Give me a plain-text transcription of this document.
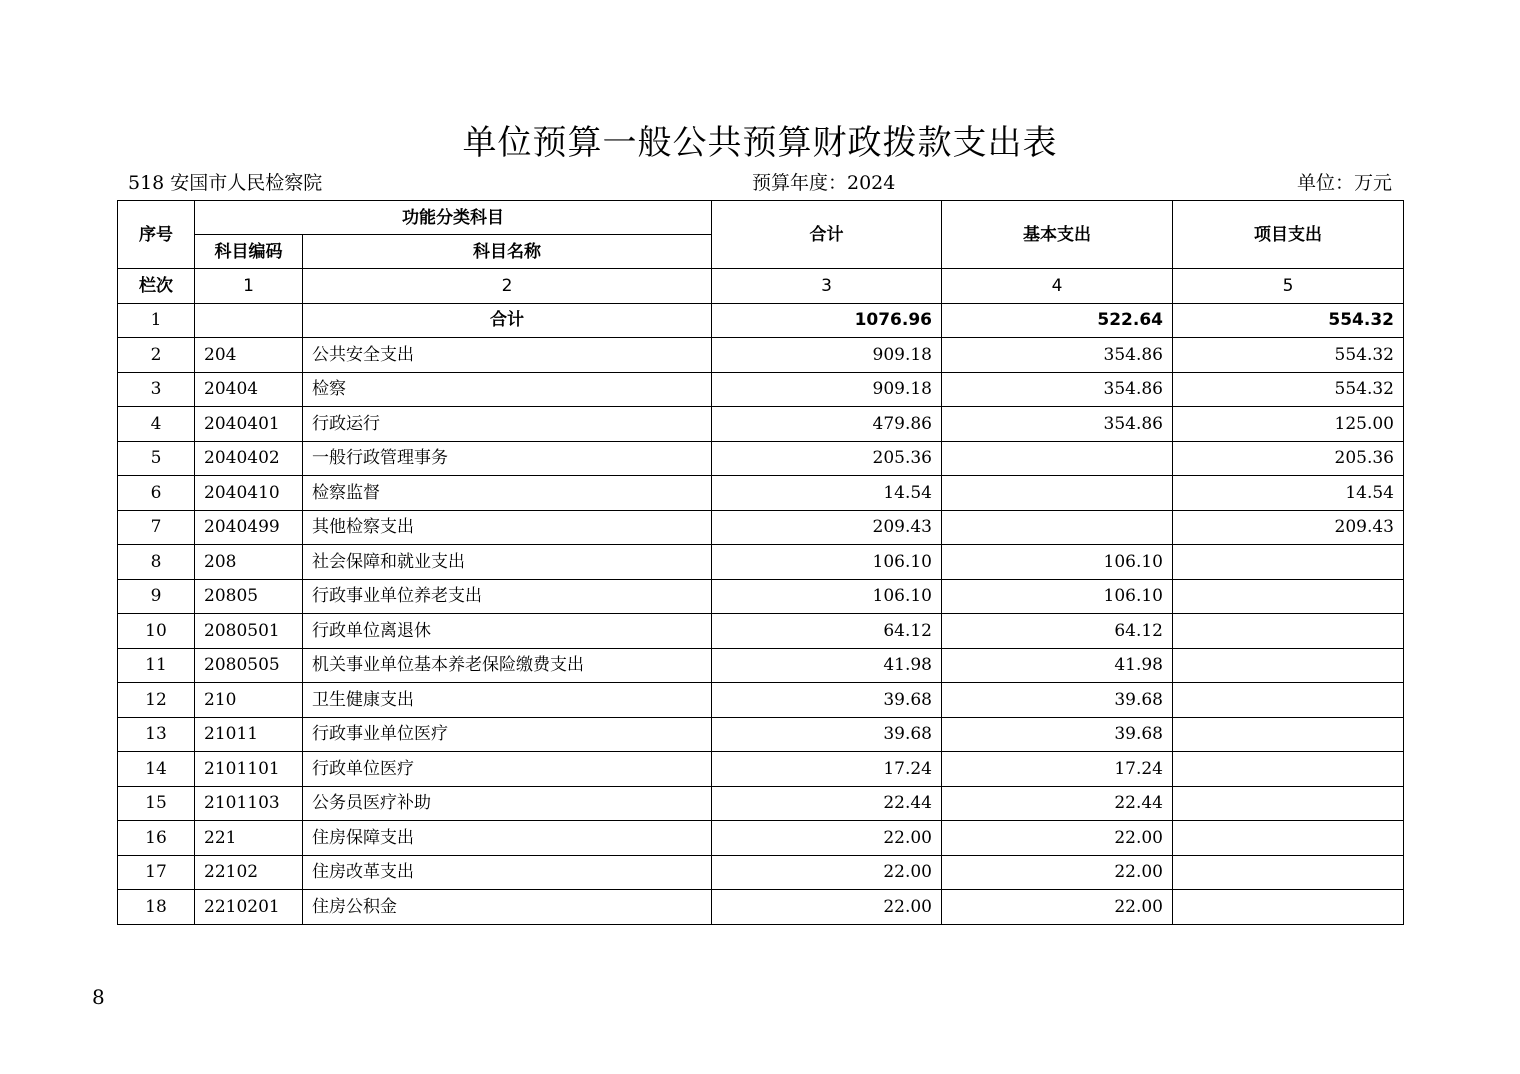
单位预算一般公共预算财政拨款支出表
518 安国市人民检察院	预算年度：2024	单位：万元
序号	功能分类科目		合计	基本支出	项目支出
	科目编码	科目名称			
栏次	1	2	3	4	5
1		合计	1076.96	522.64	554.32
2	204	公共安全支出	909.18	354.86	554.32
3	20404	检察	909.18	354.86	554.32
4	2040401	行政运行	479.86	354.86	125.00
5	2040402	一般行政管理事务	205.36		205.36
6	2040410	检察监督	14.54		14.54
7	2040499	其他检察支出	209.43		209.43
8	208	社会保障和就业支出	106.10	106.10	
9	20805	行政事业单位养老支出	106.10	106.10	
10	2080501	行政单位离退休	64.12	64.12	
11	2080505	机关事业单位基本养老保险缴费支出	41.98	41.98	
12	210	卫生健康支出	39.68	39.68	
13	21011	行政事业单位医疗	39.68	39.68	
14	2101101	行政单位医疗	17.24	17.24	
15	2101103	公务员医疗补助	22.44	22.44	
16	221	住房保障支出	22.00	22.00	
17	22102	住房改革支出	22.00	22.00	
18	2210201	住房公积金	22.00	22.00	
8
